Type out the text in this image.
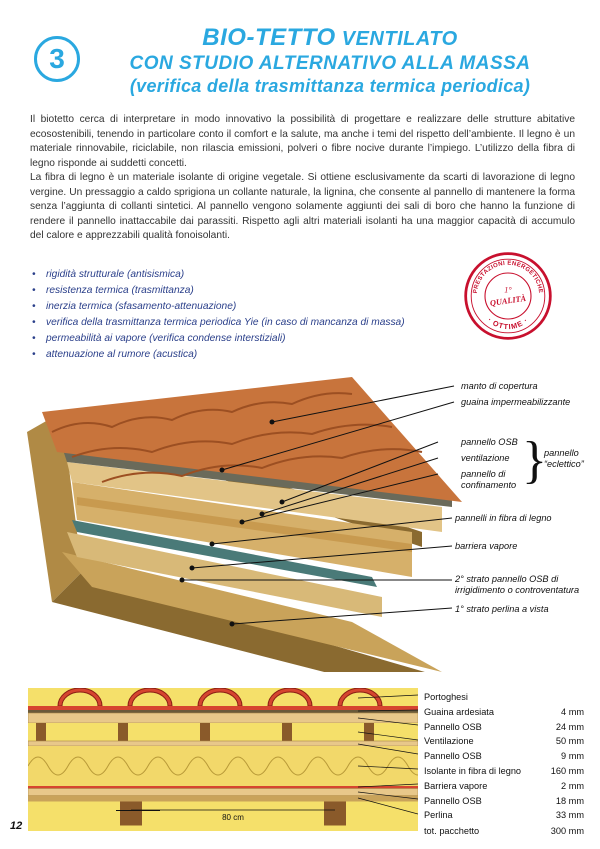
3
BIO-TETTO VENTILATO
CON STUDIO ALTERNATIVO ALLA MASSA
(verifica della trasmittanza termica periodica)

Il biotetto cerca di interpretare in modo innovativo la possibilità di progettare e realizzare delle strutture abitative ecosostenibili, tenendo in particolare conto il comfort e la salute, ma anche i temi del rispetto dell’ambiente. Il legno è un materiale rinnovabile, riciclabile, non rilascia emissioni, polveri o fibre nocive durante l’impiego. L’utilizzo della fibra di legno risponde ai suddetti concetti.

La fibra di legno è un materiale isolante di origine vegetale. Si ottiene esclusivamente da scarti di lavorazione di legno vergine. Un pressaggio a caldo sprigiona un collante naturale, la lignina, che consente al pannello di mantenere la forma senza l’aggiunta di collanti sintetici. Al pannello vengono solamente aggiunti dei sali di boro che hanno la funzione di rendere il pannello inattaccabile dai parassiti. Rispetto agli altri materiali isolanti ha una maggior capacità di accumulo del calore e apprezzabili qualità fonoisolanti.

• rigidità strutturale (antisismica)
• resistenza termica (trasmittanza)
• inerzia termica (sfasamento-attenuazione)
• verifica della trasmittanza termica periodica Yie (in caso di mancanza di massa)
• permeabilità ai vapore (verifica condense interstiziali)
• attenuazione al rumore (acustica)
PRESTAZIONI ENERGETICHE
· OTTIME ·
1°
QUALITÀ
manto di copertura
guaina impermeabilizzante
pannello OSB
ventilazione
pannello di
confinamento }
pannello
“eclettico”
pannelli in fibra di legno
barriera vapore
2° strato pannello OSB di
irrigidimento o controventatura
1° strato perlina a vista
80 cm
Portoghesi
Guaina ardesiata	4 mm
Pannello OSB	24 mm
Ventilazione	50 mm
Pannello OSB	9 mm
Isolante in fibra di legno	160 mm
Barriera vapore	2 mm
Pannello OSB	18 mm
Perlina	33 mm
tot. pacchetto	300 mm
12
